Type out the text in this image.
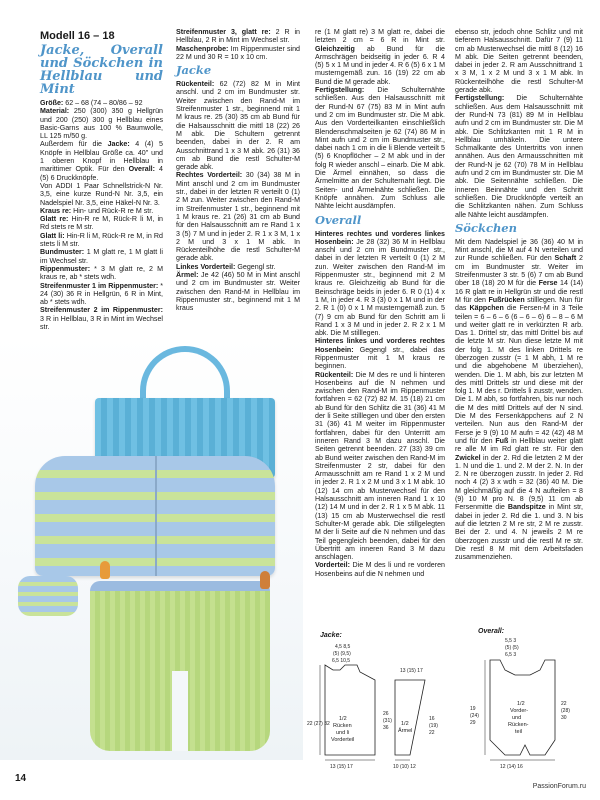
Modell 16 – 18
Jacke, Overall und Söckchen in Hellblau und Mint

Größe: 62 – 68 (74 – 80/86 – 92

Material: 250 (300) 350 g Hellgrün und 200 (250) 300 g Hellblau eines Basic-Garns aus 100 % Baumwolle, LL 125 m/50 g.

Außerdem für die Jacke: 4 (4) 5 Knöpfe in Hellblau Größe ca. 40" und 1 oberen Knopf in Hellblau in marittimer Optik. Für den Overall: 4 (5) 6 Druckknöpfe.

Von ADDI 1 Paar Schnellstrick-N Nr. 3,5, eine kurze Rund-N Nr. 3,5, ein Nadelspiel Nr. 3,5, eine Häkel-N Nr. 3.

Kraus re: Hin- und Rück-R re M str.

Glatt re: Hin-R re M, Rück-R li M, in Rd stets re M str.

Glatt li: Hin-R li M, Rück-R re M, in Rd stets li M str.

Bundmuster: 1 M glatt re, 1 M glatt li im Wechsel str.

Rippenmuster: * 3 M glatt re, 2 M kraus re, ab * stets wdh.

Streifenmuster 1 im Rippenmuster: * 24 (30) 36 R in Hellgrün, 6 R in Mint, ab * stets wdh.

Streifenmuster 2 im Rippenmuster: 3 R in Hellblau, 3 R in Mint im Wechsel str.

Streifenmuster 3, glatt re: 2 R in Hellblau, 2 R in Mint im Wechsel str.

Maschenprobe: Im Rippenmuster sind 22 M und 30 R = 10 x 10 cm.

Jacke

Rückenteil: 62 (72) 82 M in Mint anschl. und 2 cm im Bundmuster str. Weiter zwischen den Rand-M im Streifenmuster 1 str., beginnend mit 1 M kraus re. 25 (30) 35 cm ab Bund für die Halsausschnitt die mittl 18 (22) 26 M abk. Die Schultern getrennt beenden, dabei in der 2. R am Ausschnittrand 1 x 3 M abk. 26 (31) 36 cm ab Bund die restl Schulter-M gerade abk.

Rechtes Vorderteil: 30 (34) 38 M in Mint anschl und 2 cm im Bundmuster str., dabei in der letzten R verteilt 0 (1) 2 M zun. Weiter zwischen den Rand-M im Streifenmuster 1 str., beginnend mit 1 M kraus re. 21 (26) 31 cm ab Bund für den Halsausschnitt am re Rand 1 x 3 (5) 7 M und in jeder 2. R 1 x 3 M, 1 x 2 M und 3 x 1 M abk. In Rückenteilhöhe die restl Schulter-M gerade abk.

Linkes Vorderteil: Gegengl str.

Ärmel: Je 42 (46) 50 M in Mint anschl und 2 cm im Bundmuster str. Weiter zwischen den Rand-M in Hellblau im Rippenmuster str., beginnend mit 1 M kraus

re (1 M glatt re) 3 M glatt re, dabei die letzten 2 cm = 6 R in Mint str. Gleichzeitig ab Bund für die Armschrägen beidseitig in jeder 6. R 4 (5) 5 x 1 M und in jeder 4. R 6 (5) 6 x 1 M musterngemäß zun. 16 (19) 22 cm ab Bund die M gerade abk.

Fertigstellung: Die Schulternähte schließen. Aus den Halsausschnitt mit der Rund-N 67 (75) 83 M in Mint aufn und 2 cm im Bundmuster str. Die M abk. Aus den Vorderteilkanten einschließlich Blendenschmalseiten je 62 (74) 86 M in Mint aufn und 2 cm im Bundmuster str., dabei nach 1 cm in die li Blende verteilt 5 (5) 6 Knopflöcher – 2 M abk und in der folg R wieder anschl – einarb. Die M abk. Die Ärmel einnähen, so dass die Ärmelmitte an der Schulternaht liegt. Die Seiten- und Ärmelnähte schließen. Die Knöpfe annähen. Zum Schluss alle Nähte leicht ausdämpfen.

Overall

Hinteres rechtes und vorderes linkes Hosenbein: Je 28 (32) 36 M in Hellblau anschl und 2 cm im Bundmuster str., dabei in der letzten R verteilt 0 (1) 2 M zun. Weiter zwischen den Rand-M im Rippenmuster str., beginnend mit 2 M kraus re. Gleichzeitig ab Bund für die Beinschräge beids in jeder 6. R 0 (1) 4 x 1 M, in jeder 4. R 3 (3) 0 x 1 M und in der 2. R 1 (0) 0 x 1 M musterngemäß zun. 5 (7) 9 cm ab Bund für den Schritt am li Rand 1 x 3 M und in jeder 2. R 2 x 1 M abk. Die M stilllegen.

Hinteres linkes und vorderes rechtes Hosenbein: Gegengl str., dabei das Rippenmuster mit 1 M kraus re beginnen.

Rückenteil: Die M des re und li hinteren Hosenbeins auf die N nehmen und zwischen den Rand-M im Rippenmuster fortfahren = 62 (72) 82 M. 15 (18) 21 cm ab Bund für den Schlitz die 31 (36) 41 M der li Seite stilllegen und über den ersten 31 (36) 41 M weiter im Rippenmuster fortfahren, dabei für den Unterritt am inneren Rand 3 M dazu anschl. Die Seiten getrennt beenden. 27 (33) 39 cm ab Bund weiter zwischen den Rand-M im Streifenmuster 2 str, dabei für den Armausschnitt am re Rand 1 x 2 M und in jeder 2. R 1 x 2 M und 3 x 1 M abk. 10 (12) 14 cm ab Musterwechsel für den Halsausschnitt am inneren Rand 1 x 10 (12) 14 M und in der 2. R 1 x 5 M abk. 11 (13) 15 cm ab Musterwechsel die restl Schulter-M gerade abk. Die stillgelegten M der li Seite auf die N nehmen und das Teil gegengleich beenden, dabei für den Übertritt am inneren Rand 3 M dazu anschlagen.

Vorderteil: Die M des li und re vorderen Hosenbeins auf die N nehmen und

ebenso str, jedoch ohne Schlitz und mit tieferem Halsausschnitt. Dafür 7 (9) 11 cm ab Musterwechsel die mittl 8 (12) 16 M abk. Die Seiten getrennt beenden, dabei in jeder 2. R am Ausschnittrand 1 x 3 M, 1 x 2 M und 3 x 1 M abk. In Rückenteilhöhe die restl Schulter-M gerade abk.

Fertigstellung: Die Schulternähte schließen. Aus dem Halsausschnitt mit der Rund-N 73 (81) 89 M in Hellblau aufn und 2 cm im Bundmuster str. Die M abk. Die Schlitzkanten mit 1 R M in Hellblau umhäkeln. Die untere Schmalkante des Untertritts von innen annähen. Aus den Armausschnitten mit der Rund-N je 62 (70) 78 M in Hellblau aufn und 2 cm im Bundmuster str. Die M abk. Die Seitennähte schließen. Die inneren Beinnähte und den Schritt schließen. Die Druckknöpfe verteilt an die Schlitzkanten nähen. Zum Schluss alle Nähte leicht ausdämpfen.

Söckchen

Mit dem Nadelspiel je 36 (36) 40 M in Mint anschl, die M auf 4 N verteilen und zur Runde schließen. Für den Schaft 2 cm im Bundmuster str. Weiter im Streifenmuster 3 str. 5 (6) 7 cm ab Bund über 18 (18) 20 M für die Ferse 14 (14) 16 R glatt re in Hellgrün str und die restl M für den Fußrücken stilllegen. Nun für das Käppchen die Fersen-M in 3 Teile teilen = 6 – 6 – 6 (6 – 6 – 6) 6 – 8 – 6 M und weiter glatt re in verkürzten R arb. Das 1. Drittel str, das mittl Drittel bis auf die letzte M str. Nun diese letzte M mit der folg 1. M des linken Drittels re überzogen zusstr (= 1 M abh, 1 M re und die abgehobene M überziehen), wenden. Die 1. M abh, bis zur letzten M des mittl Drittels str und diese mit der folg 1. M des r. Drittels li zusstr, wenden. Die 1. M abh, so fortfahren, bis nur noch die M des mittl Drittels auf der N sind. Die M des Fersenkäppchens auf 2 N verteilen. Nun aus den Rand-M der Ferse je 9 (9) 10 M aufn = 42 (42) 48 M und für den Fuß in Hellblau weiter glatt re alle M im Rd glatt re str. Für den Zwickel in der 2. Rd die letzten 2 M der 1. N und die 1. und 2. M der 2. N. In der 2. N re überzogen zusstr. In jeder 2. Rd noch 4 (2) 3 x wdh = 32 (36) 40 M. Die M gleichmäßig auf die 4 N aufteilen = 8 (9) 10 M pro N. 8 (9,5) 11 cm ab Fersenmitte die Bandspitze in Mint str, dabei in jeder 2. Rd die 1. und 3. N bis auf die letzten 2 M re str, 2 M re zusstr. Bei der 2. und 4. N jeweils 2 M re überzogen zusstr und die restl M re str. Die restl 8 M mit dem Arbeitsfaden zusammenziehen.

1/2 Rücken und li Vorderteil
1/2 Ärmel
13 (15) 17	10 (10) 12
22 (27) 32
4,5 8,5
(5) (9,5)
6,5 10,5
26
(31)
36
16
(19)
22
13 (15) 17
1/2 Vorder-und Rücken-teil
12 (14) 16
5,5 3
(5) (5)
6,5 3
19
(24)
29
22
(28)
30
Jacke:
Overall:
14
PassionForum.ru
